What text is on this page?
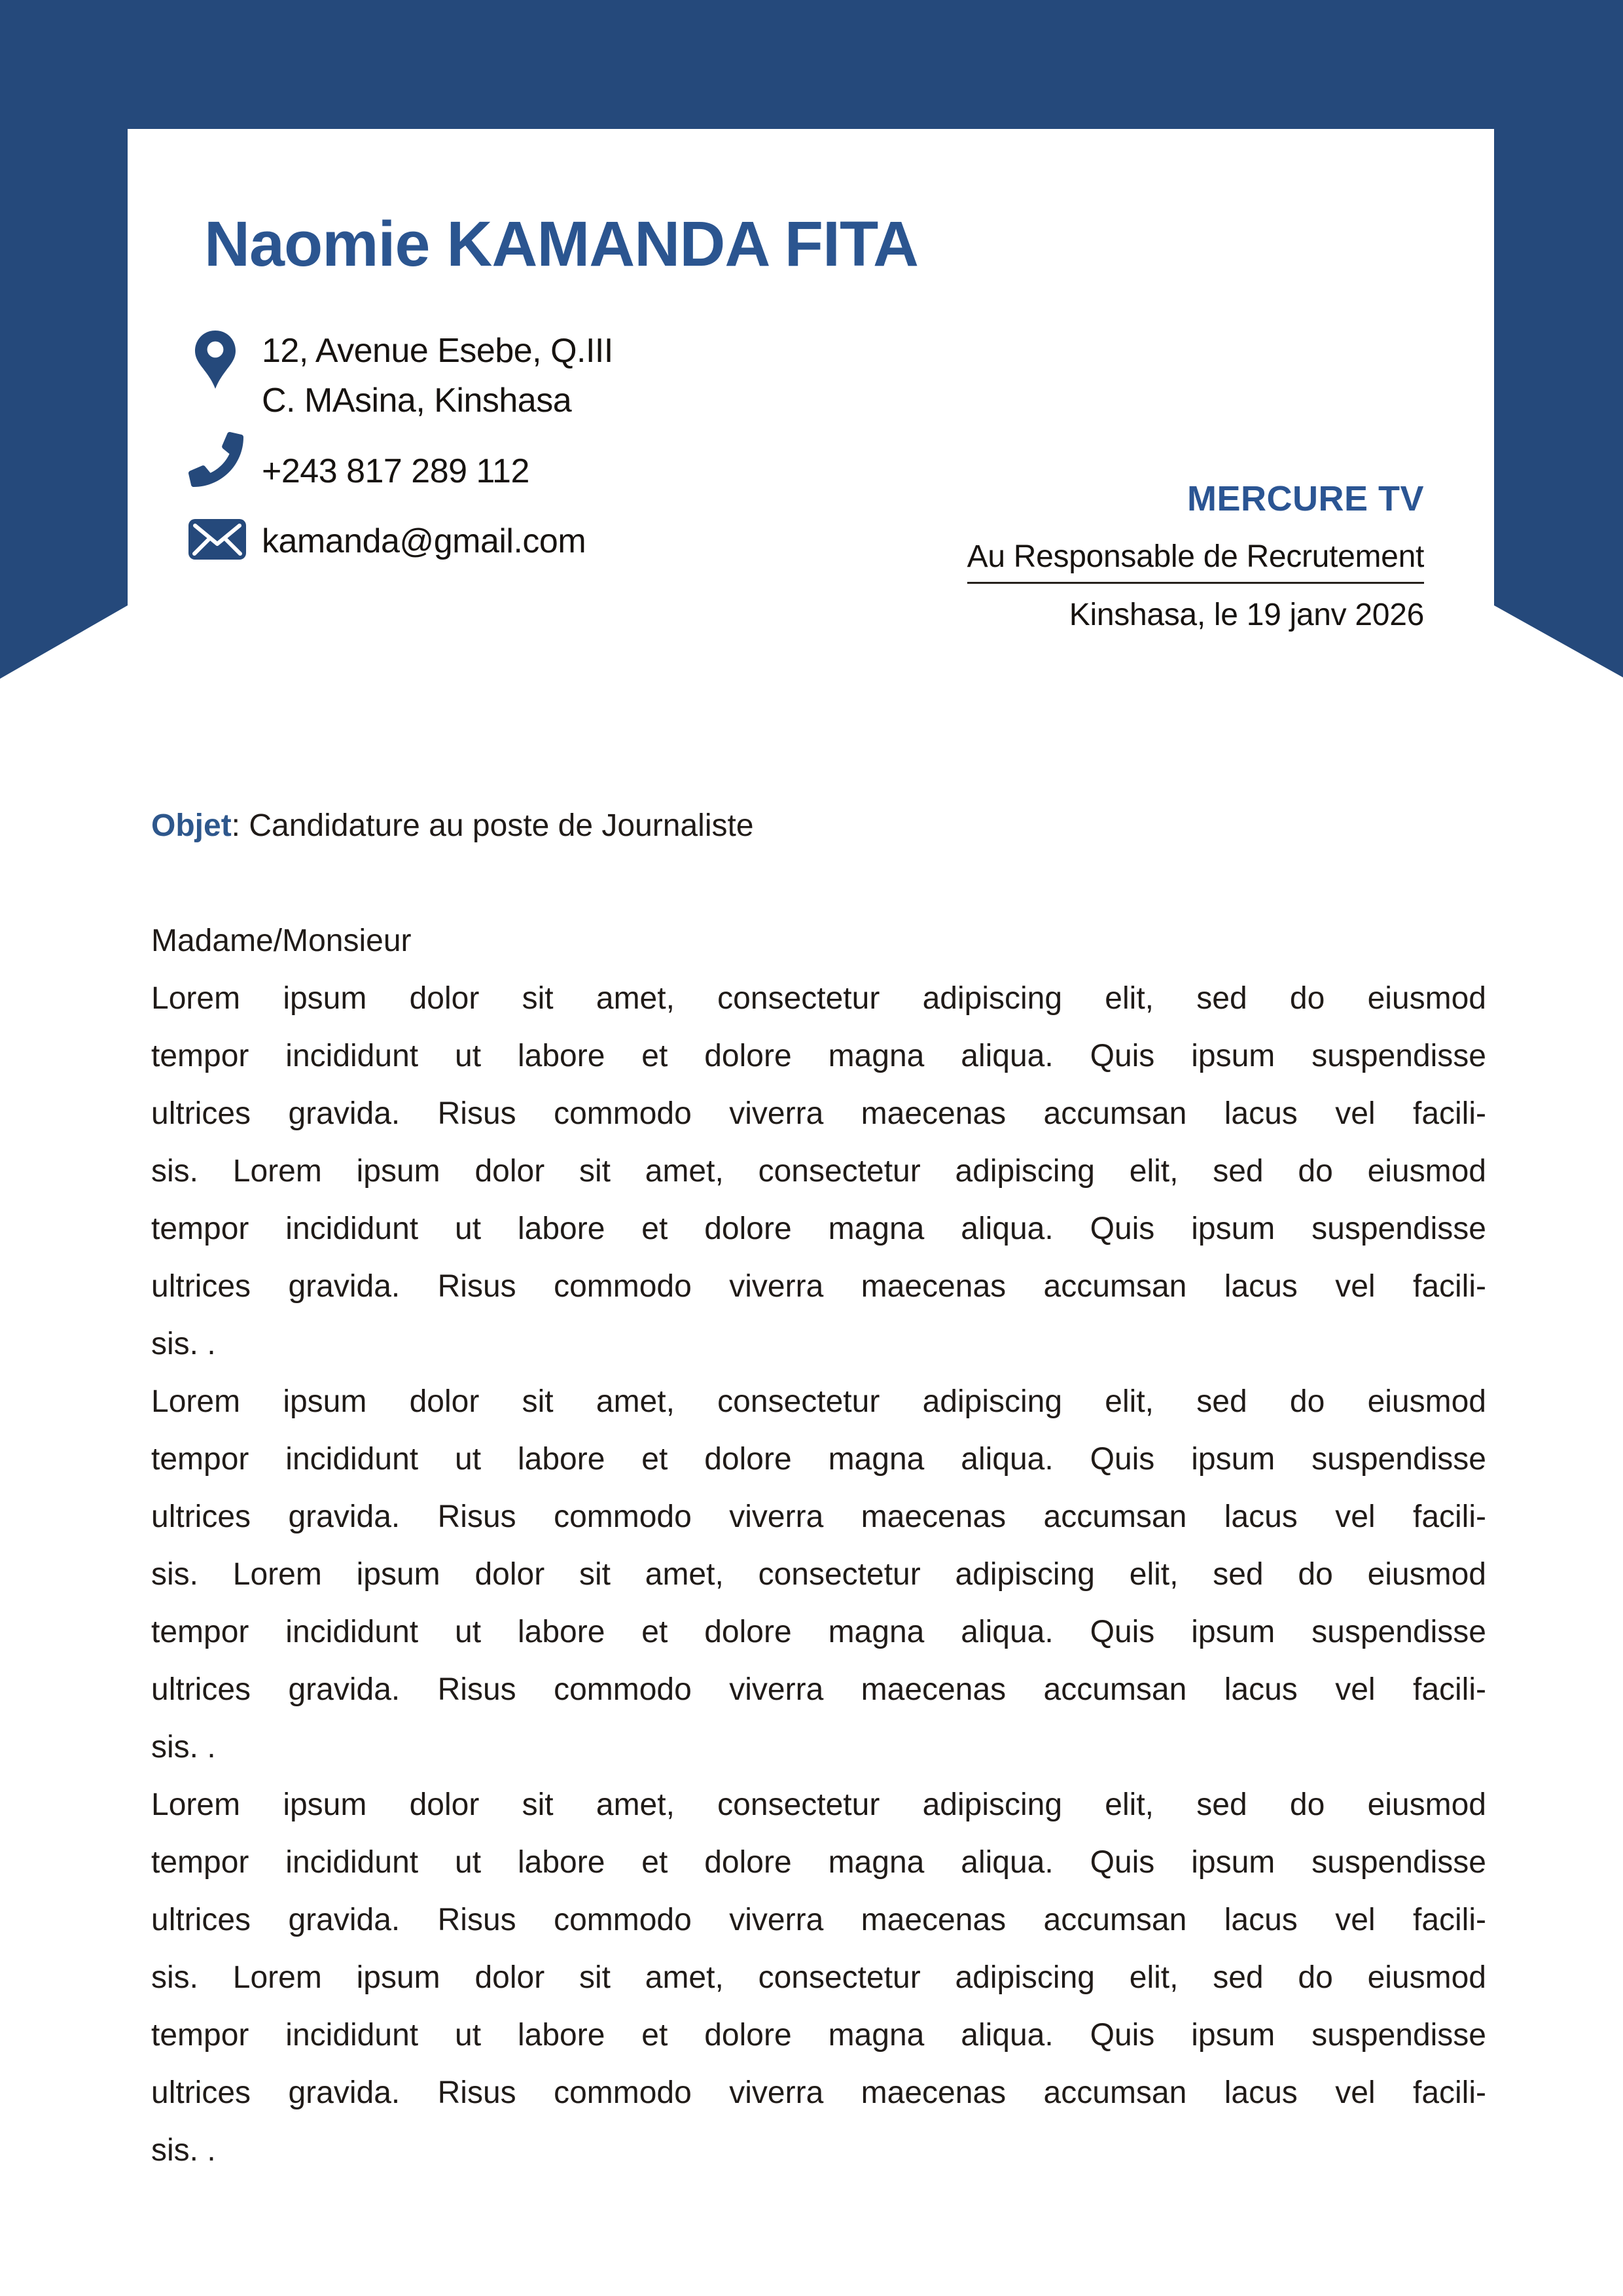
Naomie KAMANDA FITA
12, Avenue Esebe, Q.III
C. MAsina, Kinshasa
+243 817 289 112
kamanda@gmail.com
MERCURE TV

Au Responsable de Recrutement
Kinshasa, le 19 janv 2026
Objet: Candidature au poste de Journaliste
Madame/Monsieur
Lorem ipsum dolor sit amet, consectetur adipiscing elit, sed do eiusmod
tempor incididunt ut labore et dolore magna aliqua. Quis ipsum suspendisse
ultrices gravida. Risus commodo viverra maecenas accumsan lacus vel facili-
sis. Lorem ipsum dolor sit amet, consectetur adipiscing elit, sed do eiusmod
tempor incididunt ut labore et dolore magna aliqua. Quis ipsum suspendisse
ultrices gravida. Risus commodo viverra maecenas accumsan lacus vel facili-
sis. .
Lorem ipsum dolor sit amet, consectetur adipiscing elit, sed do eiusmod
tempor incididunt ut labore et dolore magna aliqua. Quis ipsum suspendisse
ultrices gravida. Risus commodo viverra maecenas accumsan lacus vel facili-
sis. Lorem ipsum dolor sit amet, consectetur adipiscing elit, sed do eiusmod
tempor incididunt ut labore et dolore magna aliqua. Quis ipsum suspendisse
ultrices gravida. Risus commodo viverra maecenas accumsan lacus vel facili-
sis. .
Lorem ipsum dolor sit amet, consectetur adipiscing elit, sed do eiusmod
tempor incididunt ut labore et dolore magna aliqua. Quis ipsum suspendisse
ultrices gravida. Risus commodo viverra maecenas accumsan lacus vel facili-
sis. Lorem ipsum dolor sit amet, consectetur adipiscing elit, sed do eiusmod
tempor incididunt ut labore et dolore magna aliqua. Quis ipsum suspendisse
ultrices gravida. Risus commodo viverra maecenas accumsan lacus vel facili-
sis. .
